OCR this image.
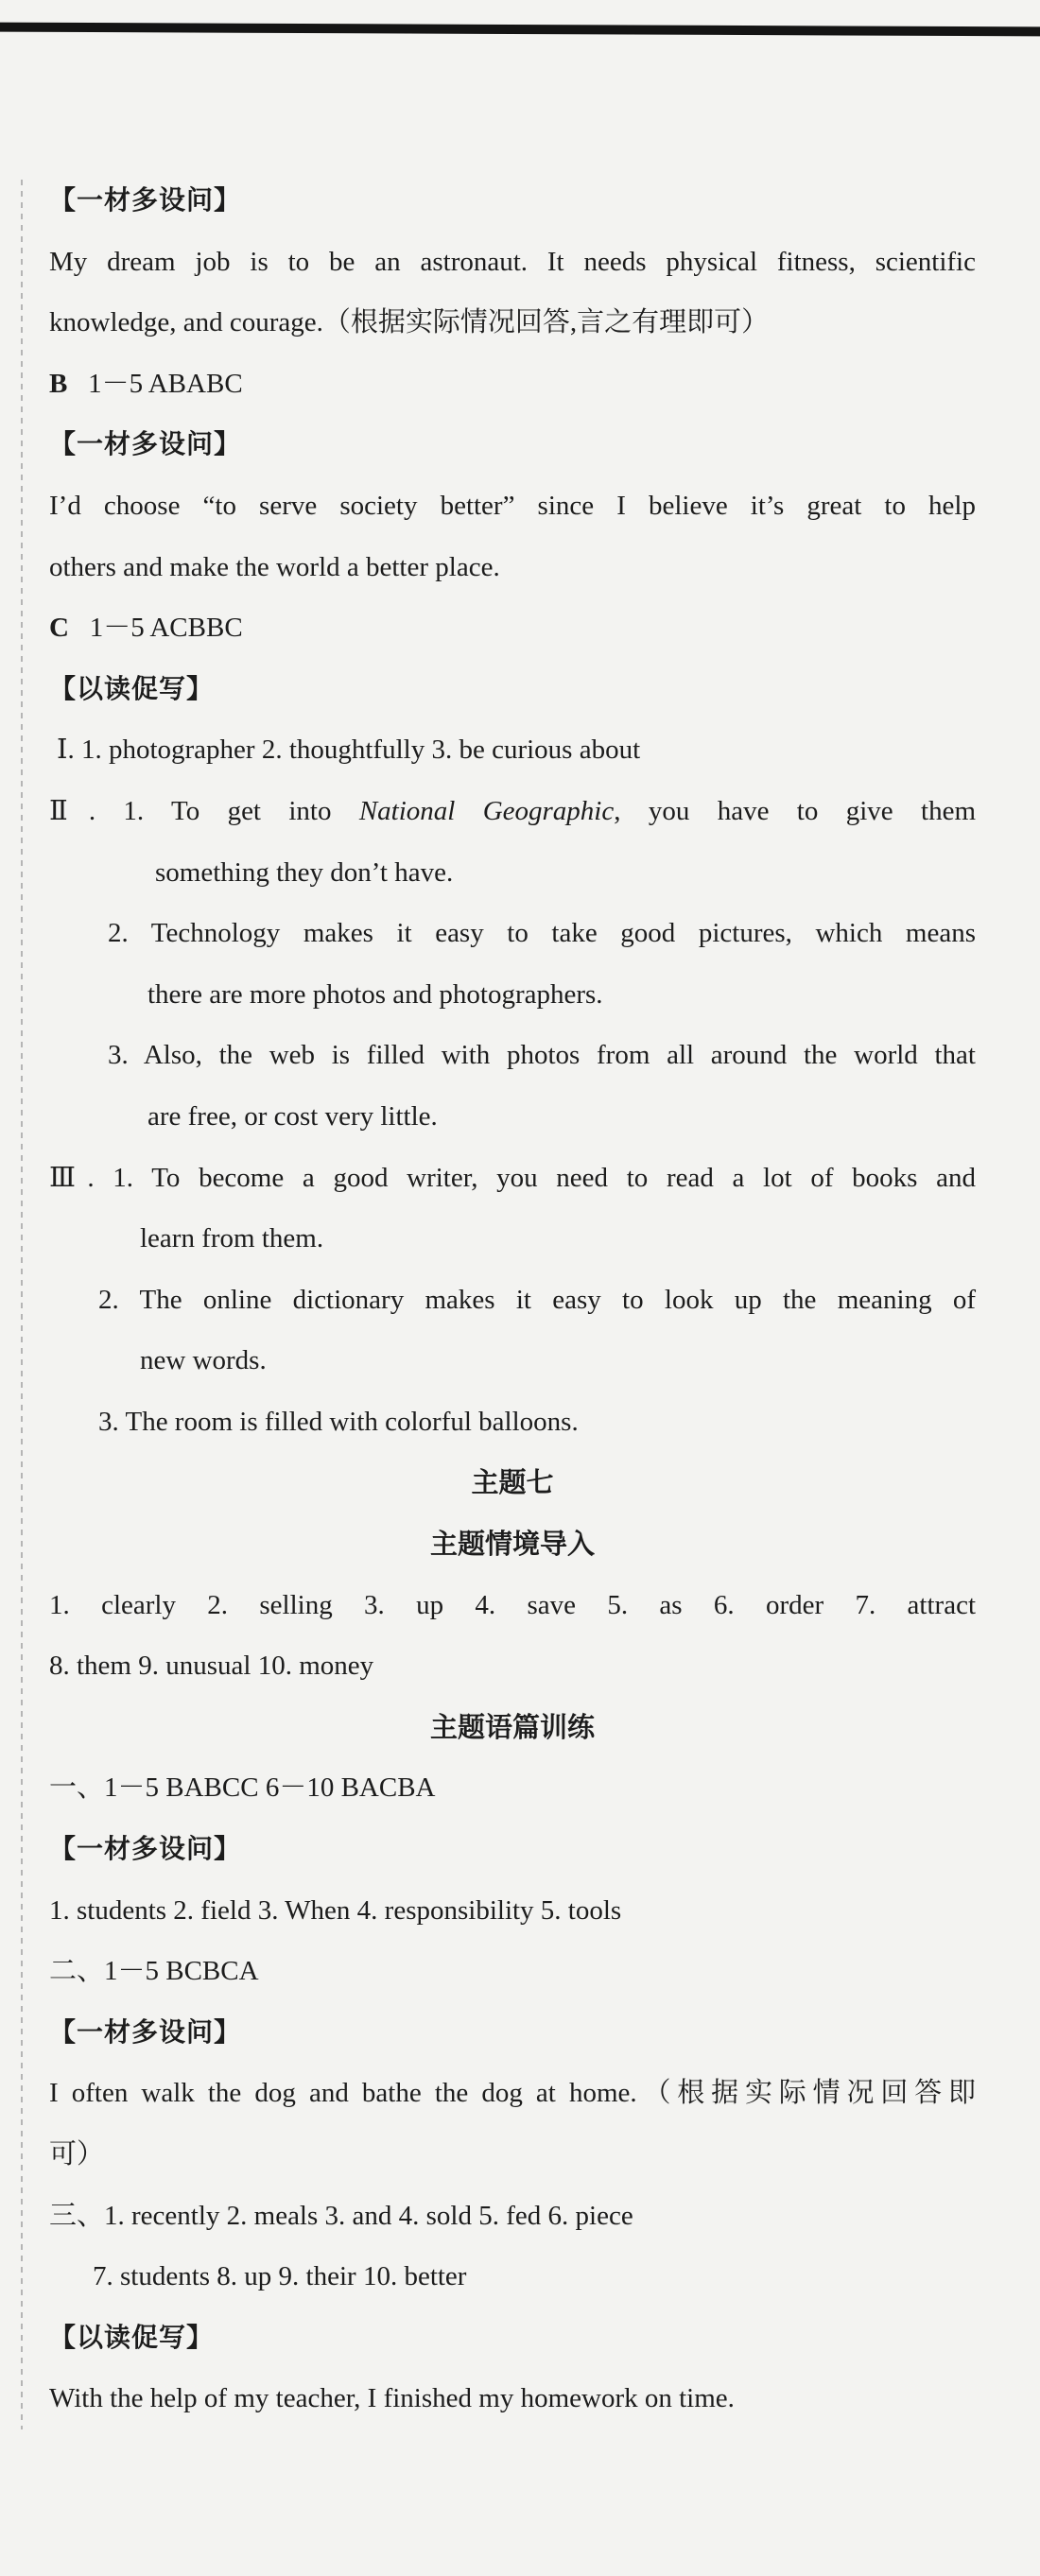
【一材多设问】
My dream job is to be an astronaut. It needs physical fitness, scientific
knowledge, and courage.（根据实际情况回答,言之有理即可）
B 1－5 ABABC
【一材多设问】
I’d choose “to serve society better” since I believe it’s great to help
others and make the world a better place.
C 1－5 ACBBC
【以读促写】
Ⅰ. 1. photographer 2. thoughtfully 3. be curious about
Ⅱ. 1. To get into National Geographic, you have to give them
something they don’t have.
2. Technology makes it easy to take good pictures, which means
there are more photos and photographers.
3. Also, the web is filled with photos from all around the world that
are free, or cost very little.
Ⅲ. 1. To become a good writer, you need to read a lot of books and
learn from them.
2. The online dictionary makes it easy to look up the meaning of
new words.
3. The room is filled with colorful balloons.
主题七
主题情境导入
1. clearly 2. selling 3. up 4. save 5. as 6. order 7. attract
8. them 9. unusual 10. money
主题语篇训练
一、1－5 BABCC 6－10 BACBA
【一材多设问】
1. students 2. field 3. When 4. responsibility 5. tools
二、1－5 BCBCA
【一材多设问】
I often walk the dog and bathe the dog at home.（根据实际情况回答即
可）
三、1. recently 2. meals 3. and 4. sold 5. fed 6. piece
7. students 8. up 9. their 10. better
【以读促写】
With the help of my teacher, I finished my homework on time.
